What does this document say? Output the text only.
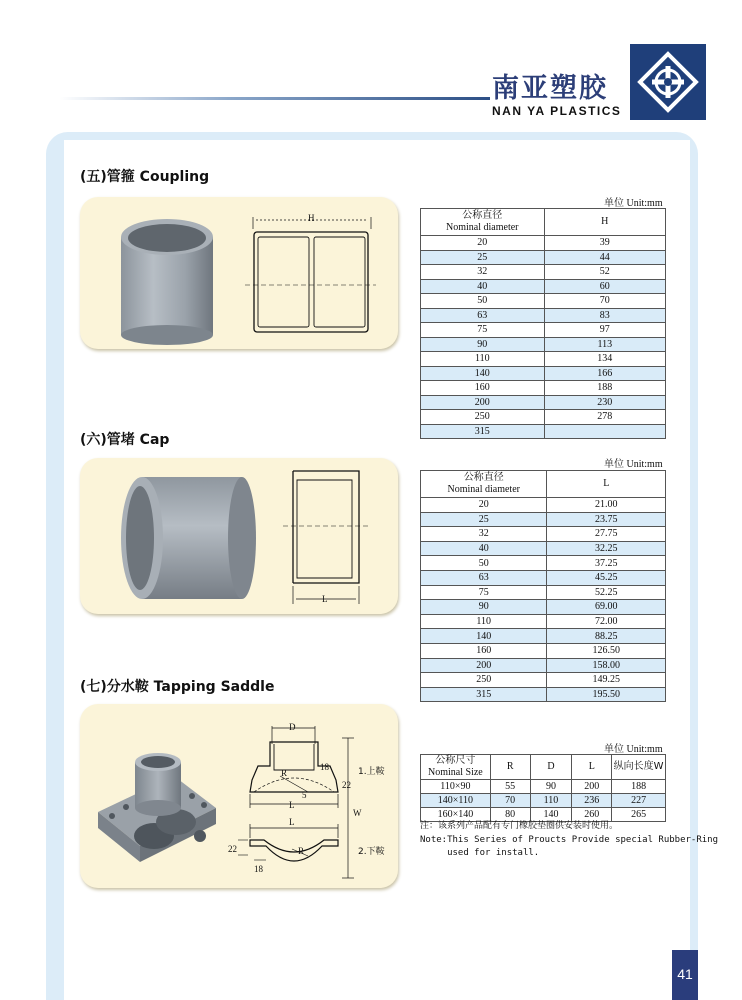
南亚塑胶
NAN YA PLASTICS
41
(五)管箍 Coupling
H
单位 Unit:mm
公称直径
Nominal diameter	H
20	39
25	44
32	52
40	60
50	70
63	83
75	97
90	113
110	134
140	166
160	188
200	230
250	278
315	
(六)管堵 Cap
L
单位 Unit:mm
公称直径
Nominal diameter	L
20	21.00
25	23.75
32	27.75
40	32.25
50	37.25
63	45.25
75	52.25
90	69.00
110	72.00
140	88.25
160	126.50
200	158.00
250	149.25
315	195.50
(七)分水鞍 Tapping Saddle
D
R
18
22
5
L
L
R
22
18
W
1.上鞍
2.下鞍
单位 Unit:mm
公称尺寸
Nominal Size	R	D	L	纵向长度W

110×90	55	90	200	188
140×110	70	110	236	227
160×140	80	140	260	265
注：该系列产品配有专门橡胶垫圈供安装时使用。
Note:This Series of Proucts Provide special Rubber-Ring
used for install.
